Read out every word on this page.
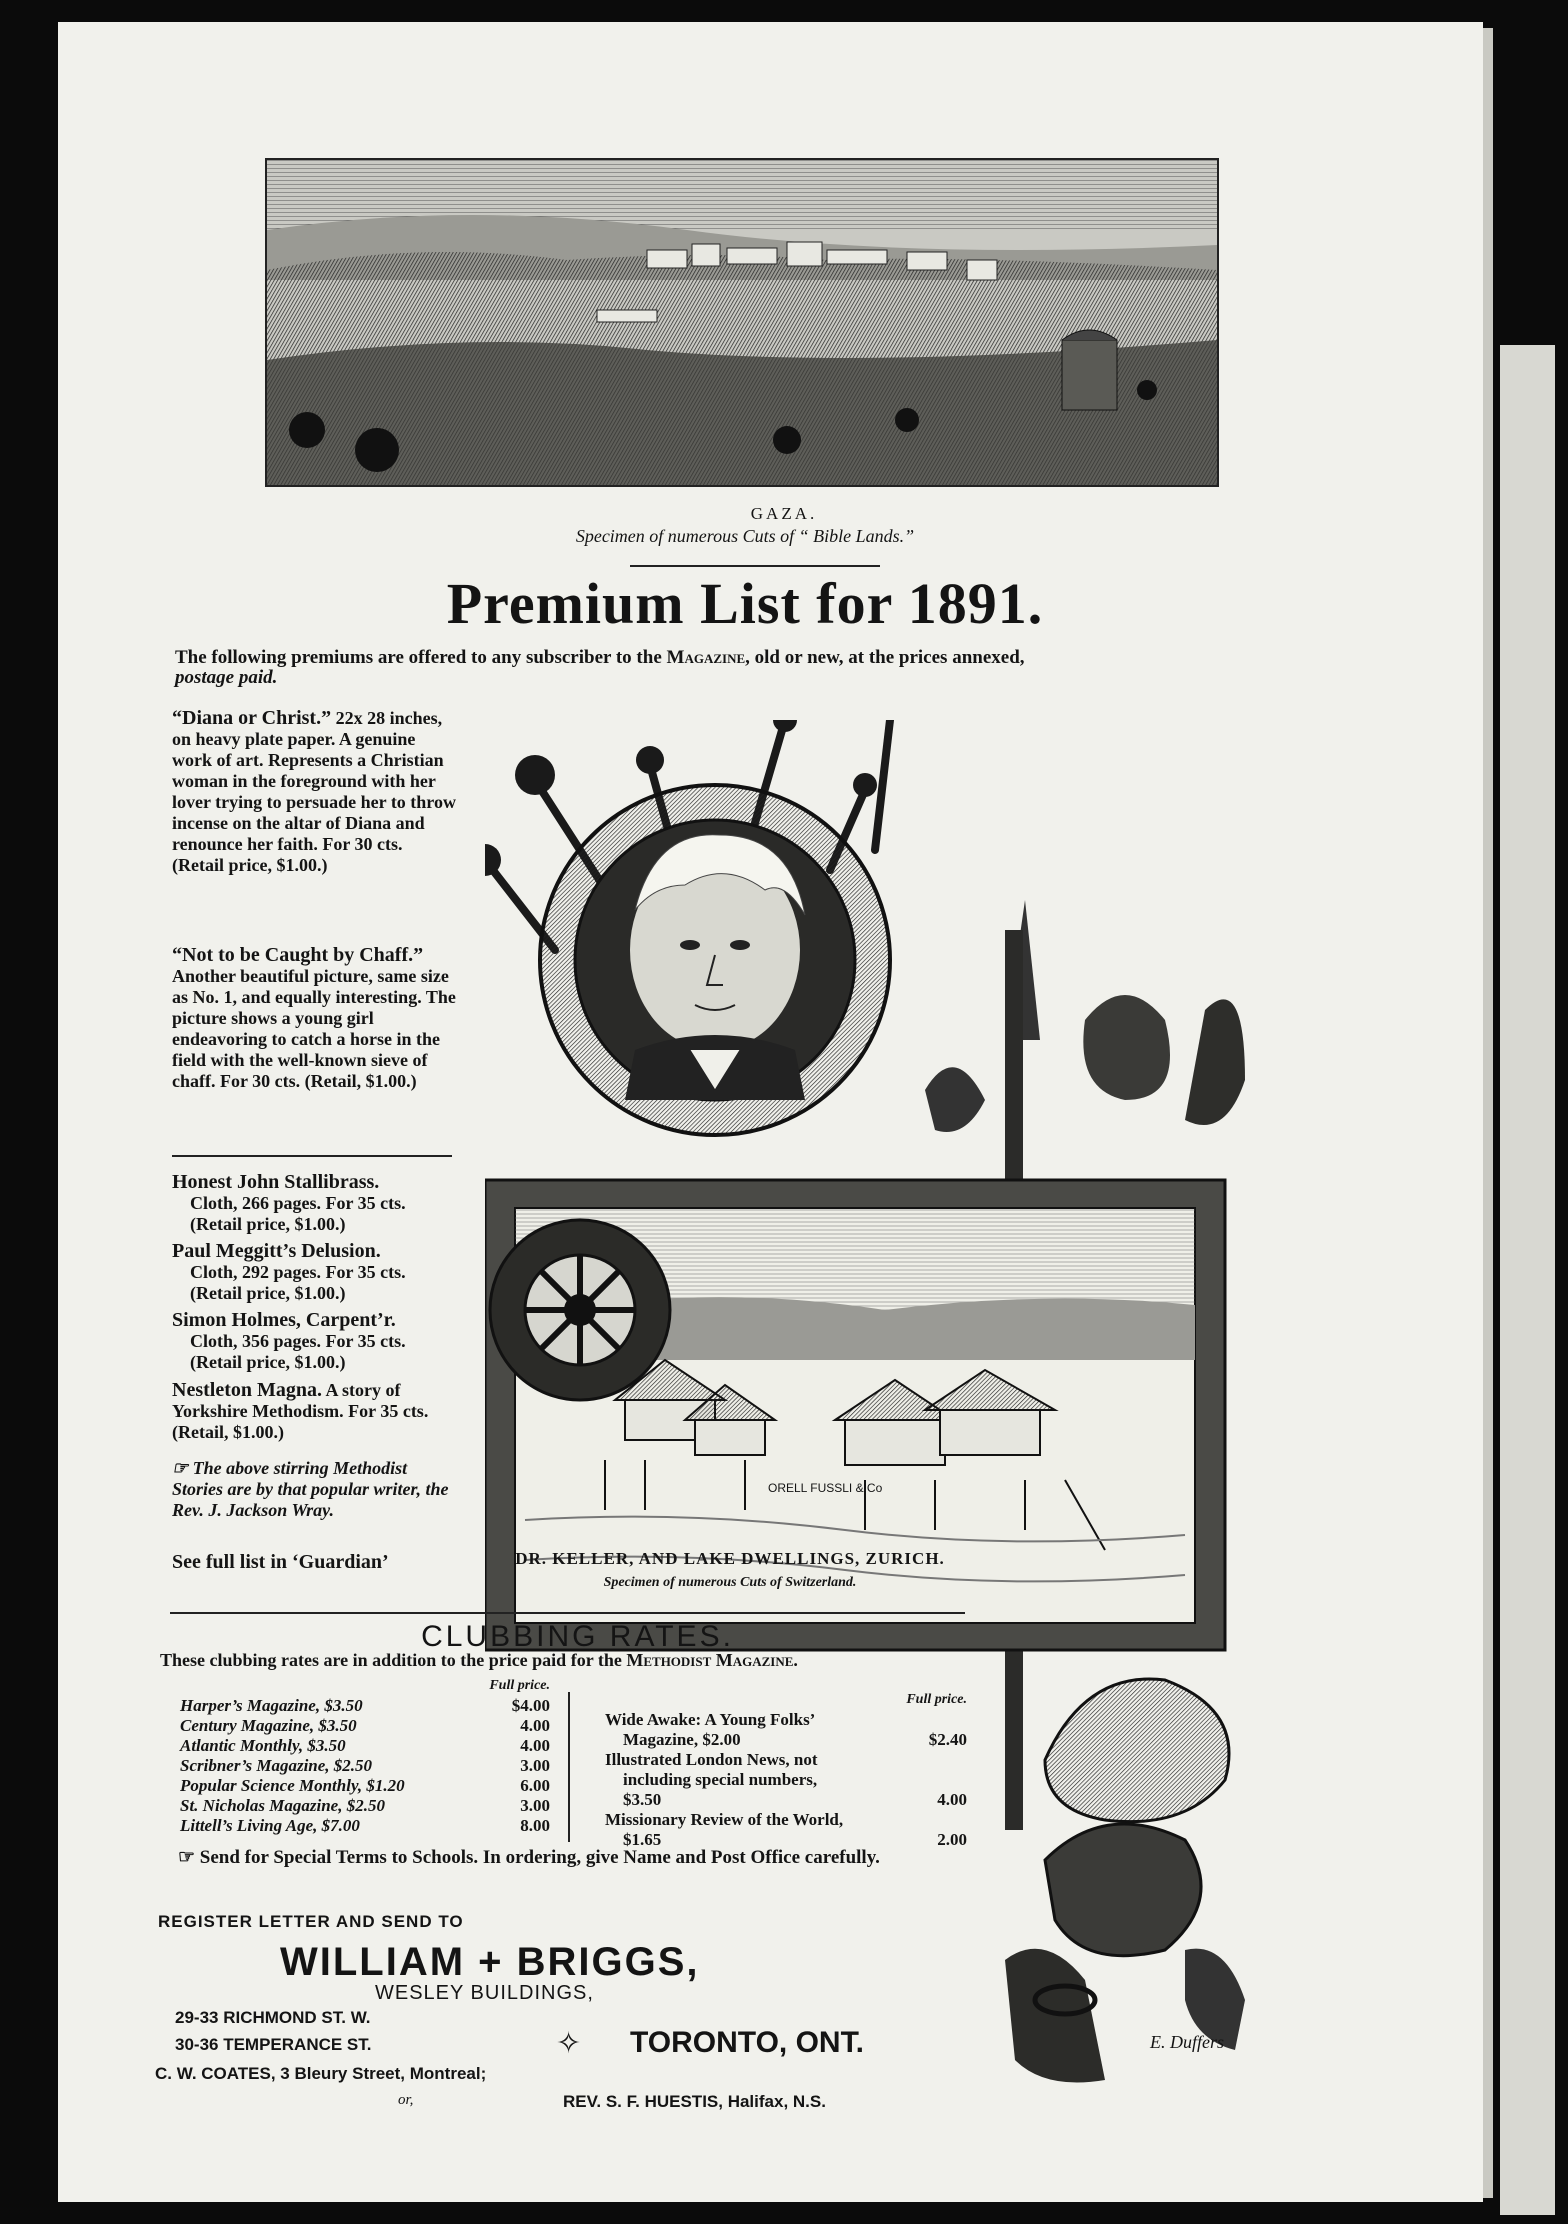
GAZA.
Specimen of numerous Cuts of “ Bible Lands.”
Premium List for 1891.
The following premiums are offered to any subscriber to the Magazine, old or new, at the prices annexed,
postage paid.

“Diana or Christ.” 22x 28 inches, on heavy plate paper. A genuine work of art. Represents a Christian woman in the foreground with her lover trying to persuade her to throw incense on the altar of Diana and renounce her faith. For 30 cts. (Retail price, $1.00.)

“Not to be Caught by Chaff.” Another beautiful picture, same size as No. 1, and equally interesting. The picture shows a young girl endeavoring to catch a horse in the field with the well-known sieve of chaff. For 30 cts. (Retail, $1.00.)

Honest John Stallibrass.

Cloth, 266 pages. For 35 cts. (Retail price, $1.00.)

Paul Meggitt’s Delusion.

Cloth, 292 pages. For 35 cts. (Retail price, $1.00.)

Simon Holmes, Carpent’r.

Cloth, 356 pages. For 35 cts. (Retail price, $1.00.)

Nestleton Magna. A story of Yorkshire Methodism. For 35 cts. (Retail, $1.00.)

☞ The above stirring Methodist Stories are by that popular writer, the Rev. J. Jackson Wray.
See full list in ‘Guardian’
ORELL FUSSLI & Co
DR. KELLER, AND LAKE DWELLINGS, ZURICH.
Specimen of numerous Cuts of Switzerland.
CLUBBING RATES.
These clubbing rates are in addition to the price paid for the Methodist Magazine.
Full price.
Harper’s Magazine, $3.50	$4.00
Century Magazine, $3.50	4.00
Atlantic Monthly, $3.50	4.00
Scribner’s Magazine, $2.50	3.00
Popular Science Monthly, $1.20	6.00
St. Nicholas Magazine, $2.50	3.00
Littell’s Living Age, $7.00	8.00
Full price.
Wide Awake: A Young Folks’
Magazine, $2.00	$2.40
Illustrated London News, not
including special numbers,
$3.50	4.00
Missionary Review of the World,
$1.65	2.00
☞ Send for Special Terms to Schools. In ordering, give Name and Post Office carefully.
REGISTER LETTER AND SEND TO
WILLIAM + BRIGGS,
WESLEY BUILDINGS,
29-33 RICHMOND ST. W.
30-36 TEMPERANCE ST.	✧ TORONTO, ONT.
C. W. COATES, 3 Bleury Street, Montreal;
or,	REV. S. F. HUESTIS, Halifax, N.S.
E. Duffers
